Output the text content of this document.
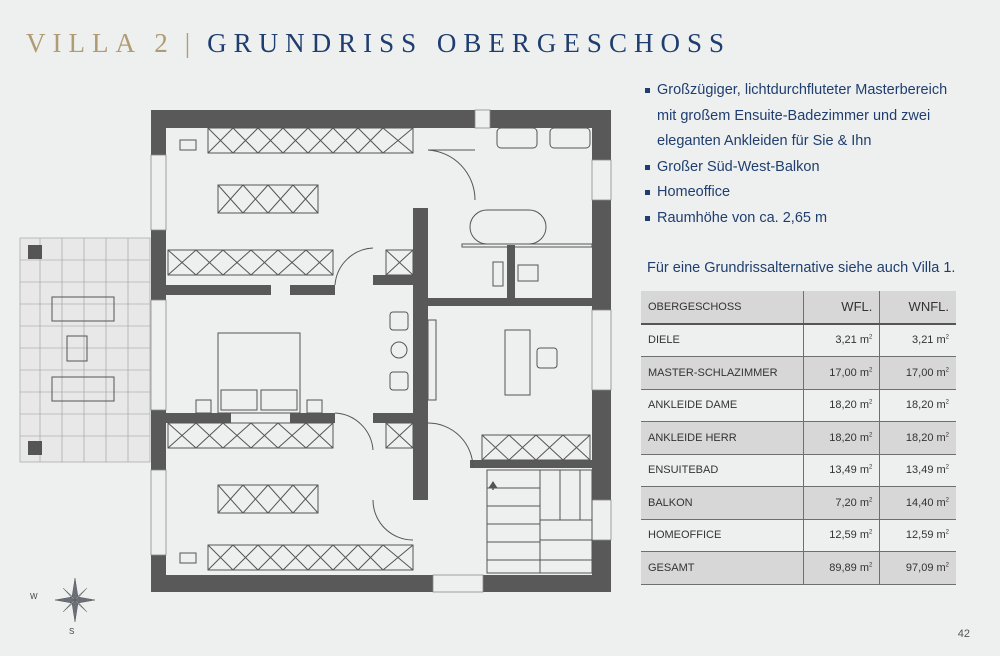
VILLA 2 | GRUNDRISS OBERGESCHOSS
W
S
Großzügiger, lichtdurchfluteter Masterbereich
mit großem Ensuite-Badezimmer und zwei
eleganten Ankleiden für Sie & Ihn
Großer Süd-West-Balkon
Homeoffice
Raumhöhe von ca. 2,65 m
Für eine Grundrissalternative siehe auch Villa 1.
OBERGESCHOSS	WFL.	WNFL.
DIELE	3,21 $m^2$	3,21 $m^2$
MASTER-SCHLAZIMMER	17,00 $m^2$	17,00 $m^2$
ANKLEIDE DAME	18,20 $m^2$	18,20 $m^2$
ANKLEIDE HERR	18,20 $m^2$	18,20 $m^2$
ENSUITEBAD	13,49 $m^2$	13,49 $m^2$
BALKON	7,20 $m^2$	14,40 $m^2$
HOMEOFFICE	12,59 $m^2$	12,59 $m^2$
GESAMT	89,89 $m^2$	97,09 $m^2$
42
